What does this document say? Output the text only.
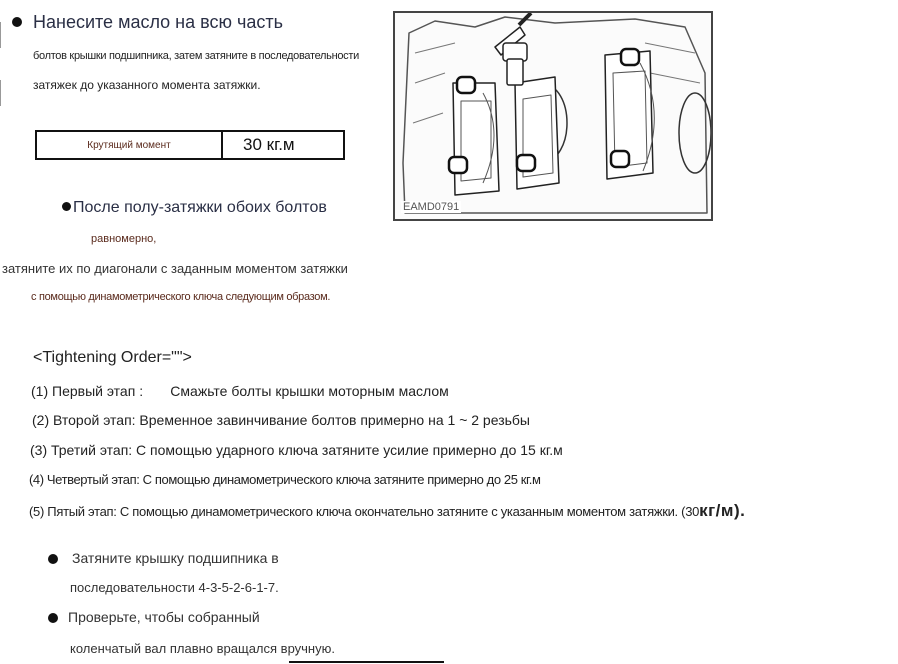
Нанесите масло на всю часть
болтов крышки подшипника, затем затяните в последовательности
затяжек до указанного момента затяжки.
Крутящий момент	30 кг.м
EAMD0791
После полу-затяжки обоих болтов
равномерно,
затяните их по диагонали с заданным моментом затяжки
с помощью динамометрического ключа следующим образом.
<Tightening Order="">
(1) Первый этап :       Смажьте болты крышки моторным маслом
(2) Второй этап: Временное завинчивание болтов примерно на 1 ~ 2 резьбы
(3) Третий этап: С помощью ударного ключа затяните усилие примерно до 15 кг.м
(4) Четвертый этап: С помощью динамометрического ключа затяните примерно до 25 кг.м
(5) Пятый этап: С помощью динамометрического ключа окончательно затяните с указанным моментом затяжки. (30кг/м).
Затяните крышку подшипника в
последовательности 4-3-5-2-6-1-7.
Проверьте, чтобы собранный
коленчатый вал плавно вращался вручную.
